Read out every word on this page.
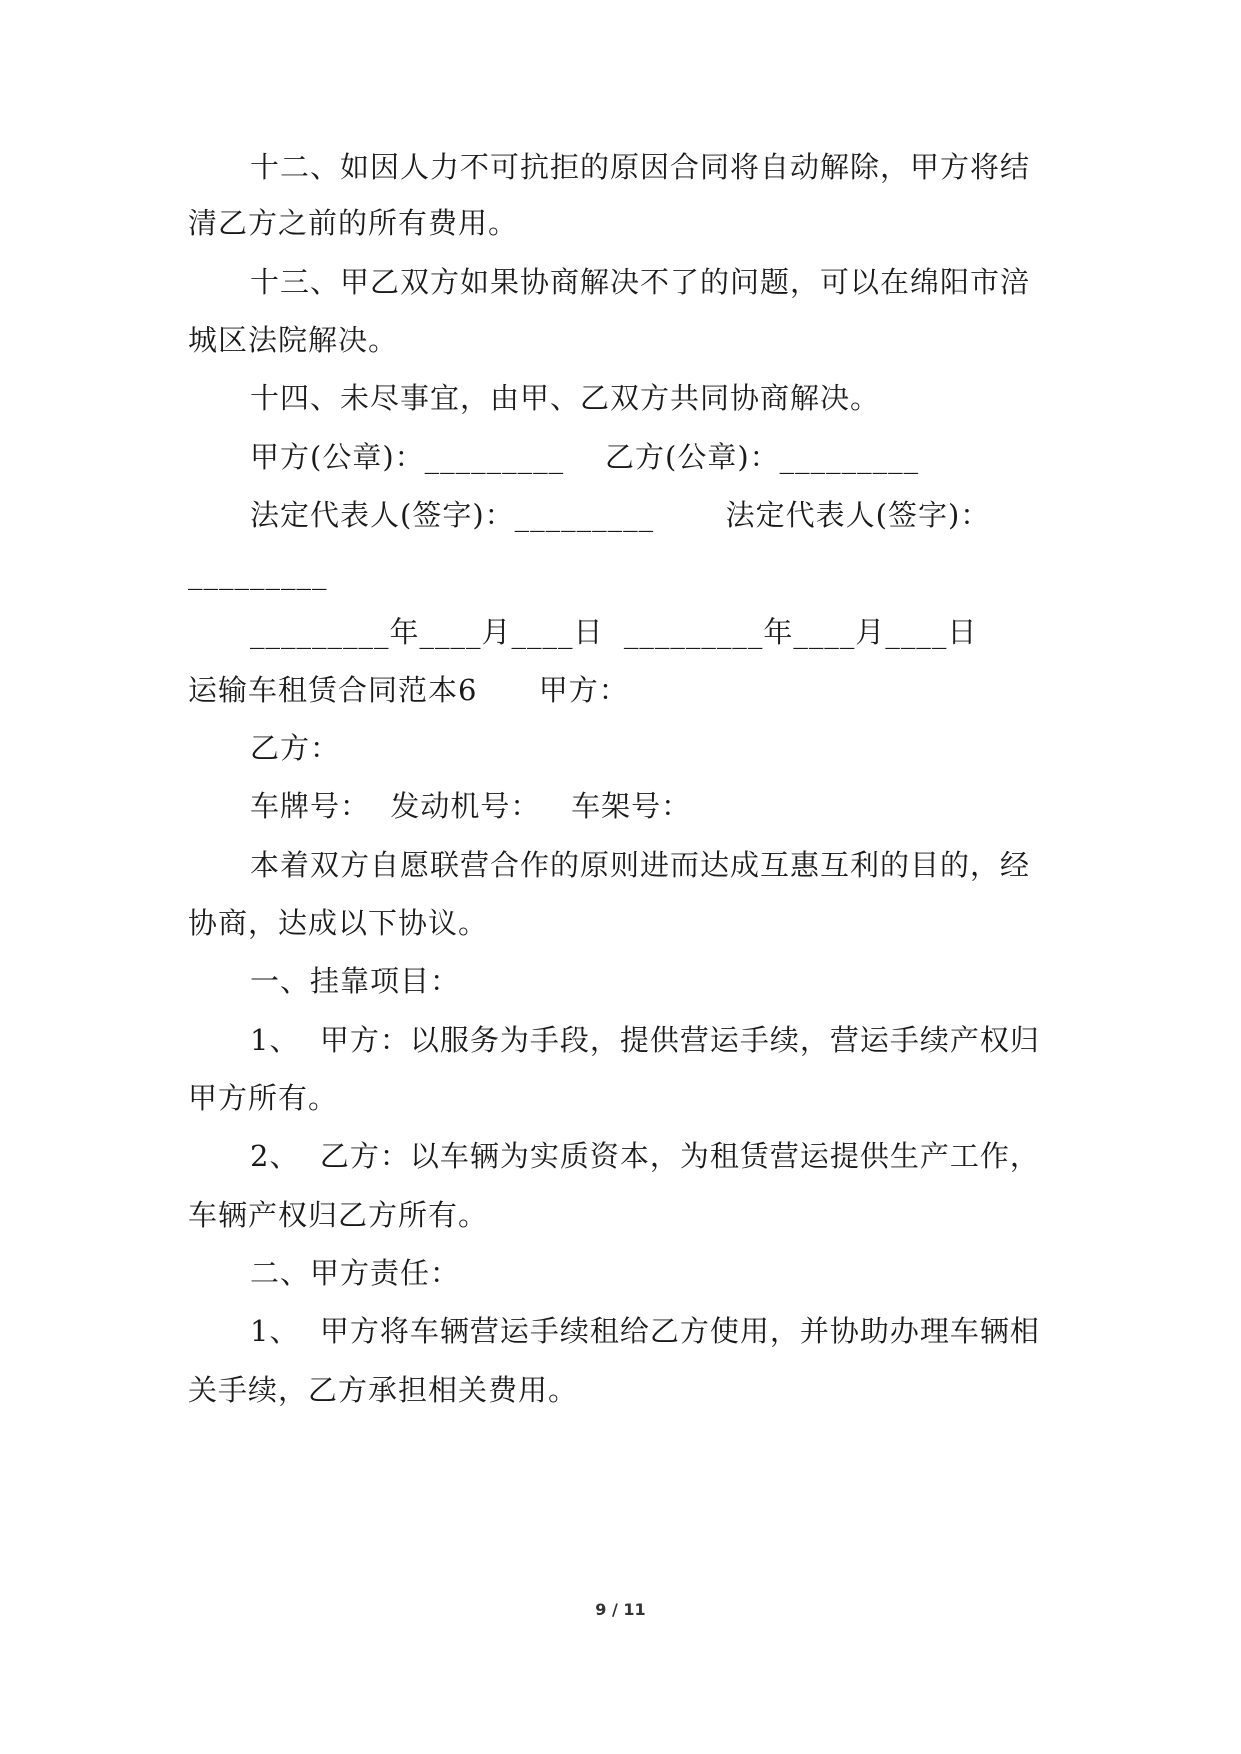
十二、如因人力不可抗拒的原因合同将自动解除，甲方将结
清乙方之前的所有费用。
十三、甲乙双方如果协商解决不了的问题，可以在绵阳市涪
城区法院解决。
十四、未尽事宜，由甲、乙双方共同协商解决。
甲方(公章)：_________    乙方(公章)：_________
法定代表人(签字)：_________       法定代表人(签字)：
_________
_________年____月____日  _________年____月____日
运输车租赁合同范本6      甲方：
乙方：
车牌号：  发动机号：   车架号：
本着双方自愿联营合作的原则进而达成互惠互利的目的，经
协商，达成以下协议。
一、挂靠项目：
1、  甲方：以服务为手段，提供营运手续，营运手续产权归
甲方所有。
2、  乙方：以车辆为实质资本，为租赁营运提供生产工作，
车辆产权归乙方所有。
二、甲方责任：
1、  甲方将车辆营运手续租给乙方使用，并协助办理车辆相
关手续，乙方承担相关费用。
9 / 11
